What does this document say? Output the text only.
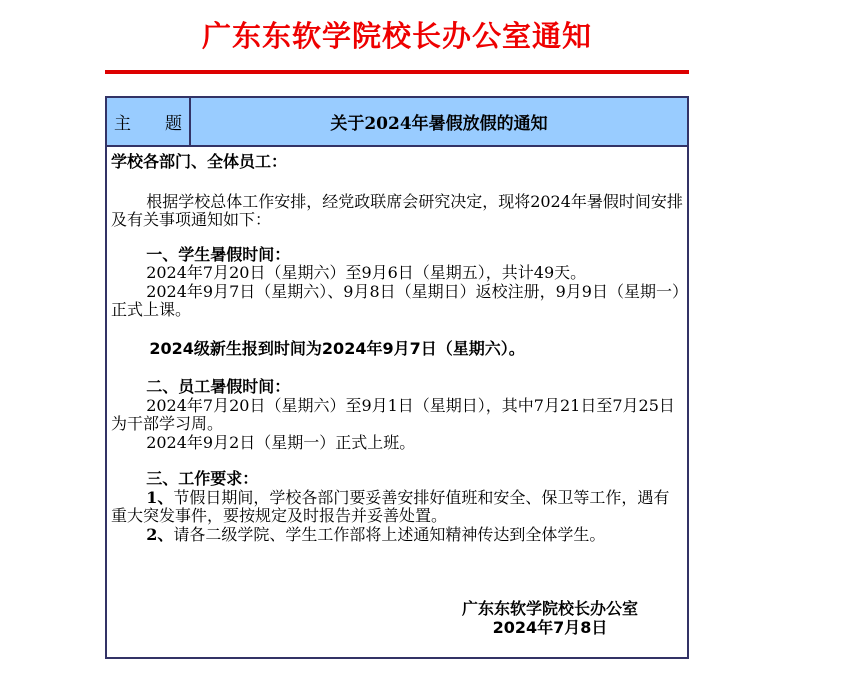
广东东软学院校长办公室通知
主　　题	关于2024年暑假放假的通知

学校各部门、全体员工：

根据学校总体工作安排，经党政联席会研究决定，现将2024年暑假时间安排及有关事项通知如下：

一、学生暑假时间：

2024年7月20日（星期六）至9月6日（星期五），共计49天。

2024年9月7日（星期六）、9月8日（星期日）返校注册，9月9日（星期一）正式上课。

2024级新生报到时间为2024年9月7日（星期六）。

二、员工暑假时间：

2024年7月20日（星期六）至9月1日（星期日），其中7月21日至7月25日为干部学习周。

2024年9月2日（星期一）正式上班。

三、工作要求：

1、节假日期间，学校各部门要妥善安排好值班和安全、保卫等工作，遇有重大突发事件，要按规定及时报告并妥善处置。

2、请各二级学院、学生工作部将上述通知精神传达到全体学生。

广东东软学院校长办公室

2024年7月8日
